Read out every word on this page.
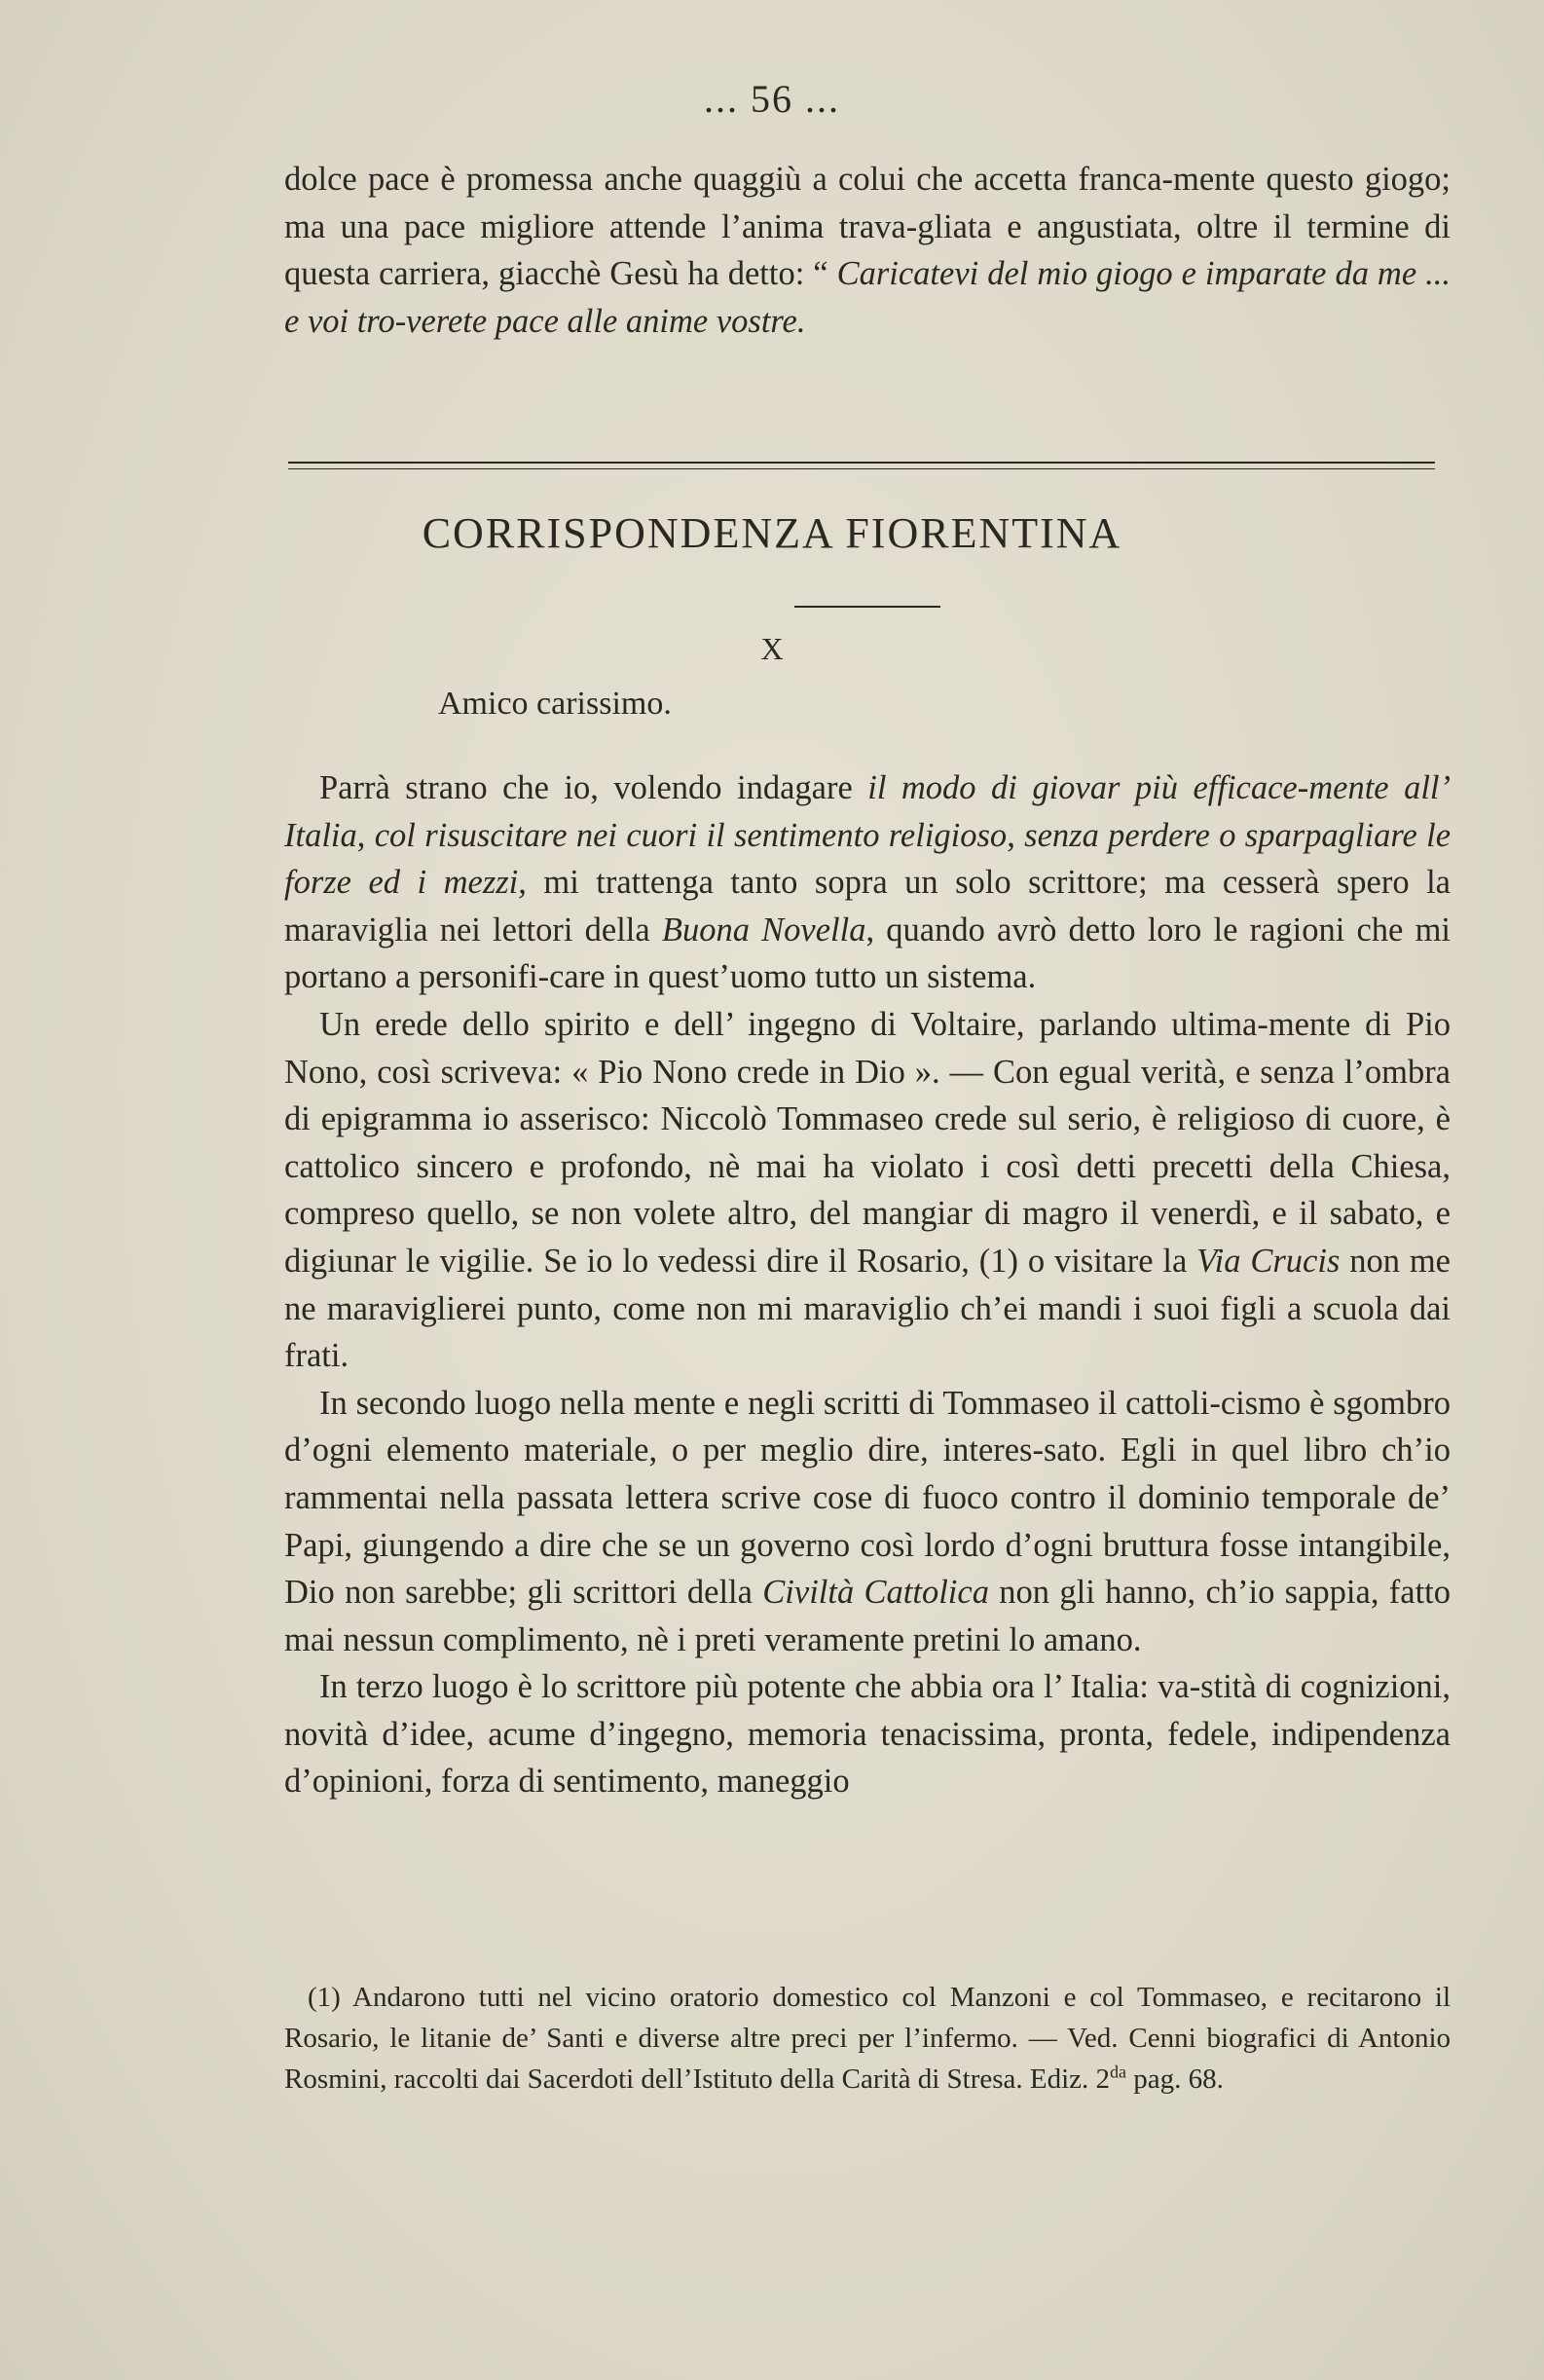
... 56 ...

dolce pace è promessa anche quaggiù a colui che accetta franca-mente questo giogo; ma una pace migliore attende l’anima trava-gliata e angustiata, oltre il termine di questa carriera, giacchè Gesù ha detto: “ Caricatevi del mio giogo e imparate da me ... e voi tro-verete pace alle anime vostre.

CORRISPONDENZA FIORENTINA
X
Amico carissimo.

Parrà strano che io, volendo indagare il modo di giovar più efficace-mente all’ Italia, col risuscitare nei cuori il sentimento religioso, senza perdere o sparpagliare le forze ed i mezzi, mi trattenga tanto sopra un solo scrittore; ma cesserà spero la maraviglia nei lettori della Buona Novella, quando avrò detto loro le ragioni che mi portano a personifi-care in quest’uomo tutto un sistema.

Un erede dello spirito e dell’ ingegno di Voltaire, parlando ultima-mente di Pio Nono, così scriveva: « Pio Nono crede in Dio ». — Con egual verità, e senza l’ombra di epigramma io asserisco: Niccolò Tommaseo crede sul serio, è religioso di cuore, è cattolico sincero e profondo, nè mai ha violato i così detti precetti della Chiesa, compreso quello, se non volete altro, del mangiar di magro il venerdì, e il sabato, e digiunar le vigilie. Se io lo vedessi dire il Rosario, (1) o visitare la Via Crucis non me ne maraviglierei punto, come non mi maraviglio ch’ei mandi i suoi figli a scuola dai frati.

In secondo luogo nella mente e negli scritti di Tommaseo il cattoli-cismo è sgombro d’ogni elemento materiale, o per meglio dire, interes-sato. Egli in quel libro ch’io rammentai nella passata lettera scrive cose di fuoco contro il dominio temporale de’ Papi, giungendo a dire che se un governo così lordo d’ogni bruttura fosse intangibile, Dio non sarebbe; gli scrittori della Civiltà Cattolica non gli hanno, ch’io sappia, fatto mai nessun complimento, nè i preti veramente pretini lo amano.

In terzo luogo è lo scrittore più potente che abbia ora l’ Italia: va-stità di cognizioni, novità d’idee, acume d’ingegno, memoria tenacissima, pronta, fedele, indipendenza d’opinioni, forza di sentimento, maneggio

(1) Andarono tutti nel vicino oratorio domestico col Manzoni e col Tommaseo, e recitarono il Rosario, le litanie de’ Santi e diverse altre preci per l’infermo. — Ved. Cenni biografici di Antonio Rosmini, raccolti dai Sacerdoti dell’Istituto della Carità di Stresa. Ediz. $2^{da}$ pag. 68.
